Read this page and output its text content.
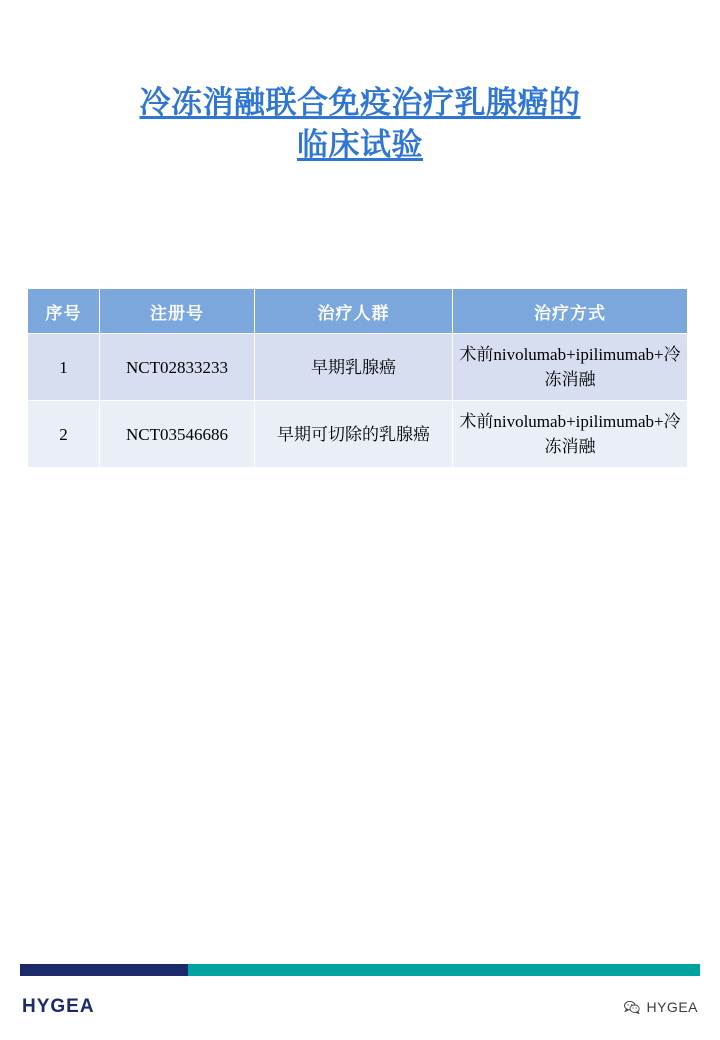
冷冻消融联合免疫治疗乳腺癌的
临床试验
序号	注册号	治疗人群	治疗方式
1	NCT02833233	早期乳腺癌	术前nivolumab+ipilimumab+冷冻消融
2	NCT03546686	早期可切除的乳腺癌	术前nivolumab+ipilimumab+冷冻消融
HYGEA	HYGEA
